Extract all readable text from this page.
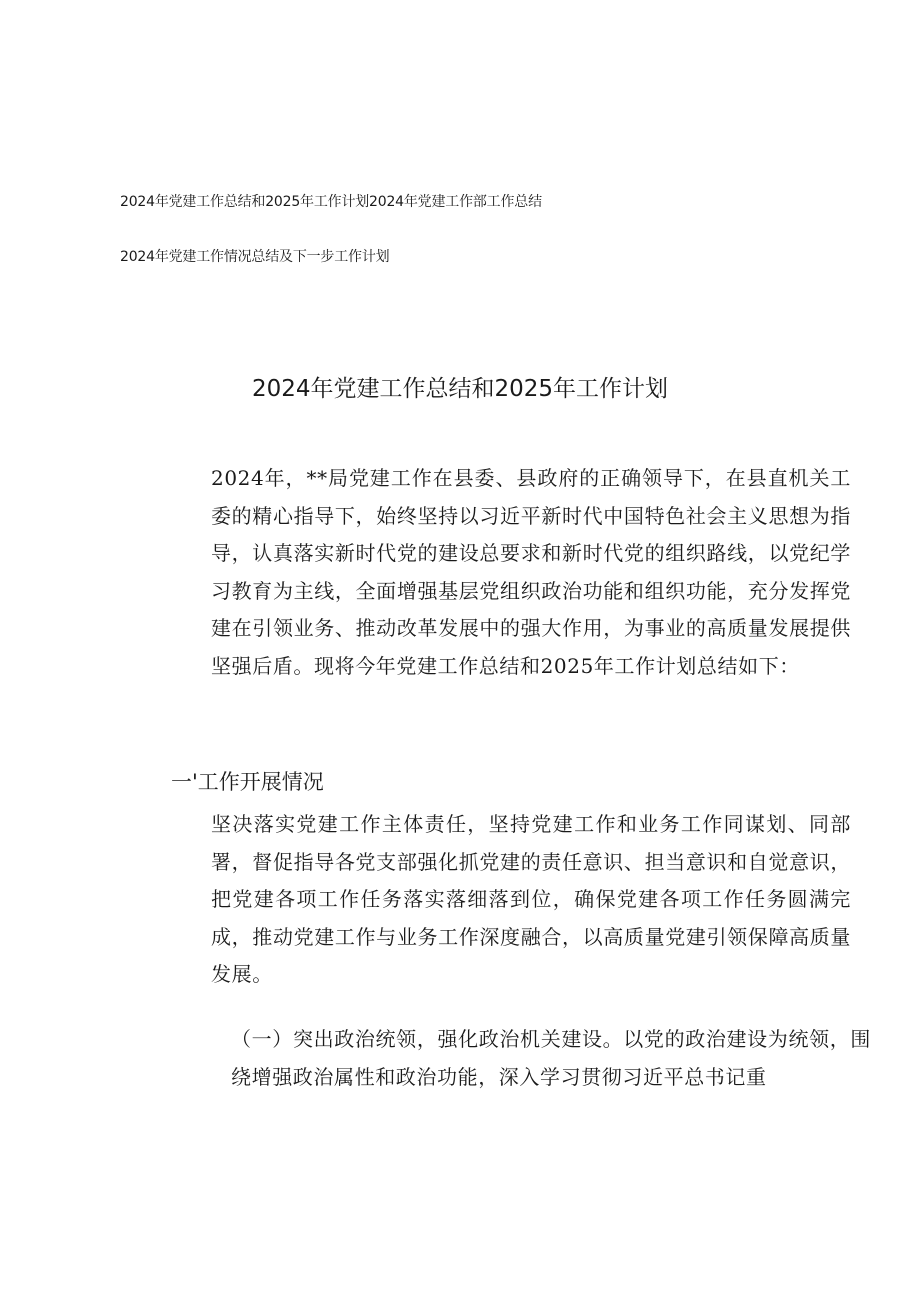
2024年党建工作总结和2025年工作计划2024年党建工作部工作总结
2024年党建工作情况总结及下一步工作计划
2024年党建工作总结和2025年工作计划
2024年，**局党建工作在县委、县政府的正确领导下，在县直机关工委的精心指导下，始终坚持以习近平新时代中国特色社会主义思想为指导，认真落实新时代党的建设总要求和新时代党的组织路线，以党纪学习教育为主线，全面增强基层党组织政治功能和组织功能，充分发挥党建在引领业务、推动改革发展中的强大作用，为事业的高质量发展提供坚强后盾。现将今年党建工作总结和2025年工作计划总结如下：
一'工作开展情况
坚决落实党建工作主体责任，坚持党建工作和业务工作同谋划、同部署，督促指导各党支部强化抓党建的责任意识、担当意识和自觉意识，把党建各项工作任务落实落细落到位，确保党建各项工作任务圆满完成，推动党建工作与业务工作深度融合，以高质量党建引领保障高质量发展。
（一）突出政治统领，强化政治机关建设。以党的政治建设为统领，围绕增强政治属性和政治功能，深入学习贯彻习近平总书记重
